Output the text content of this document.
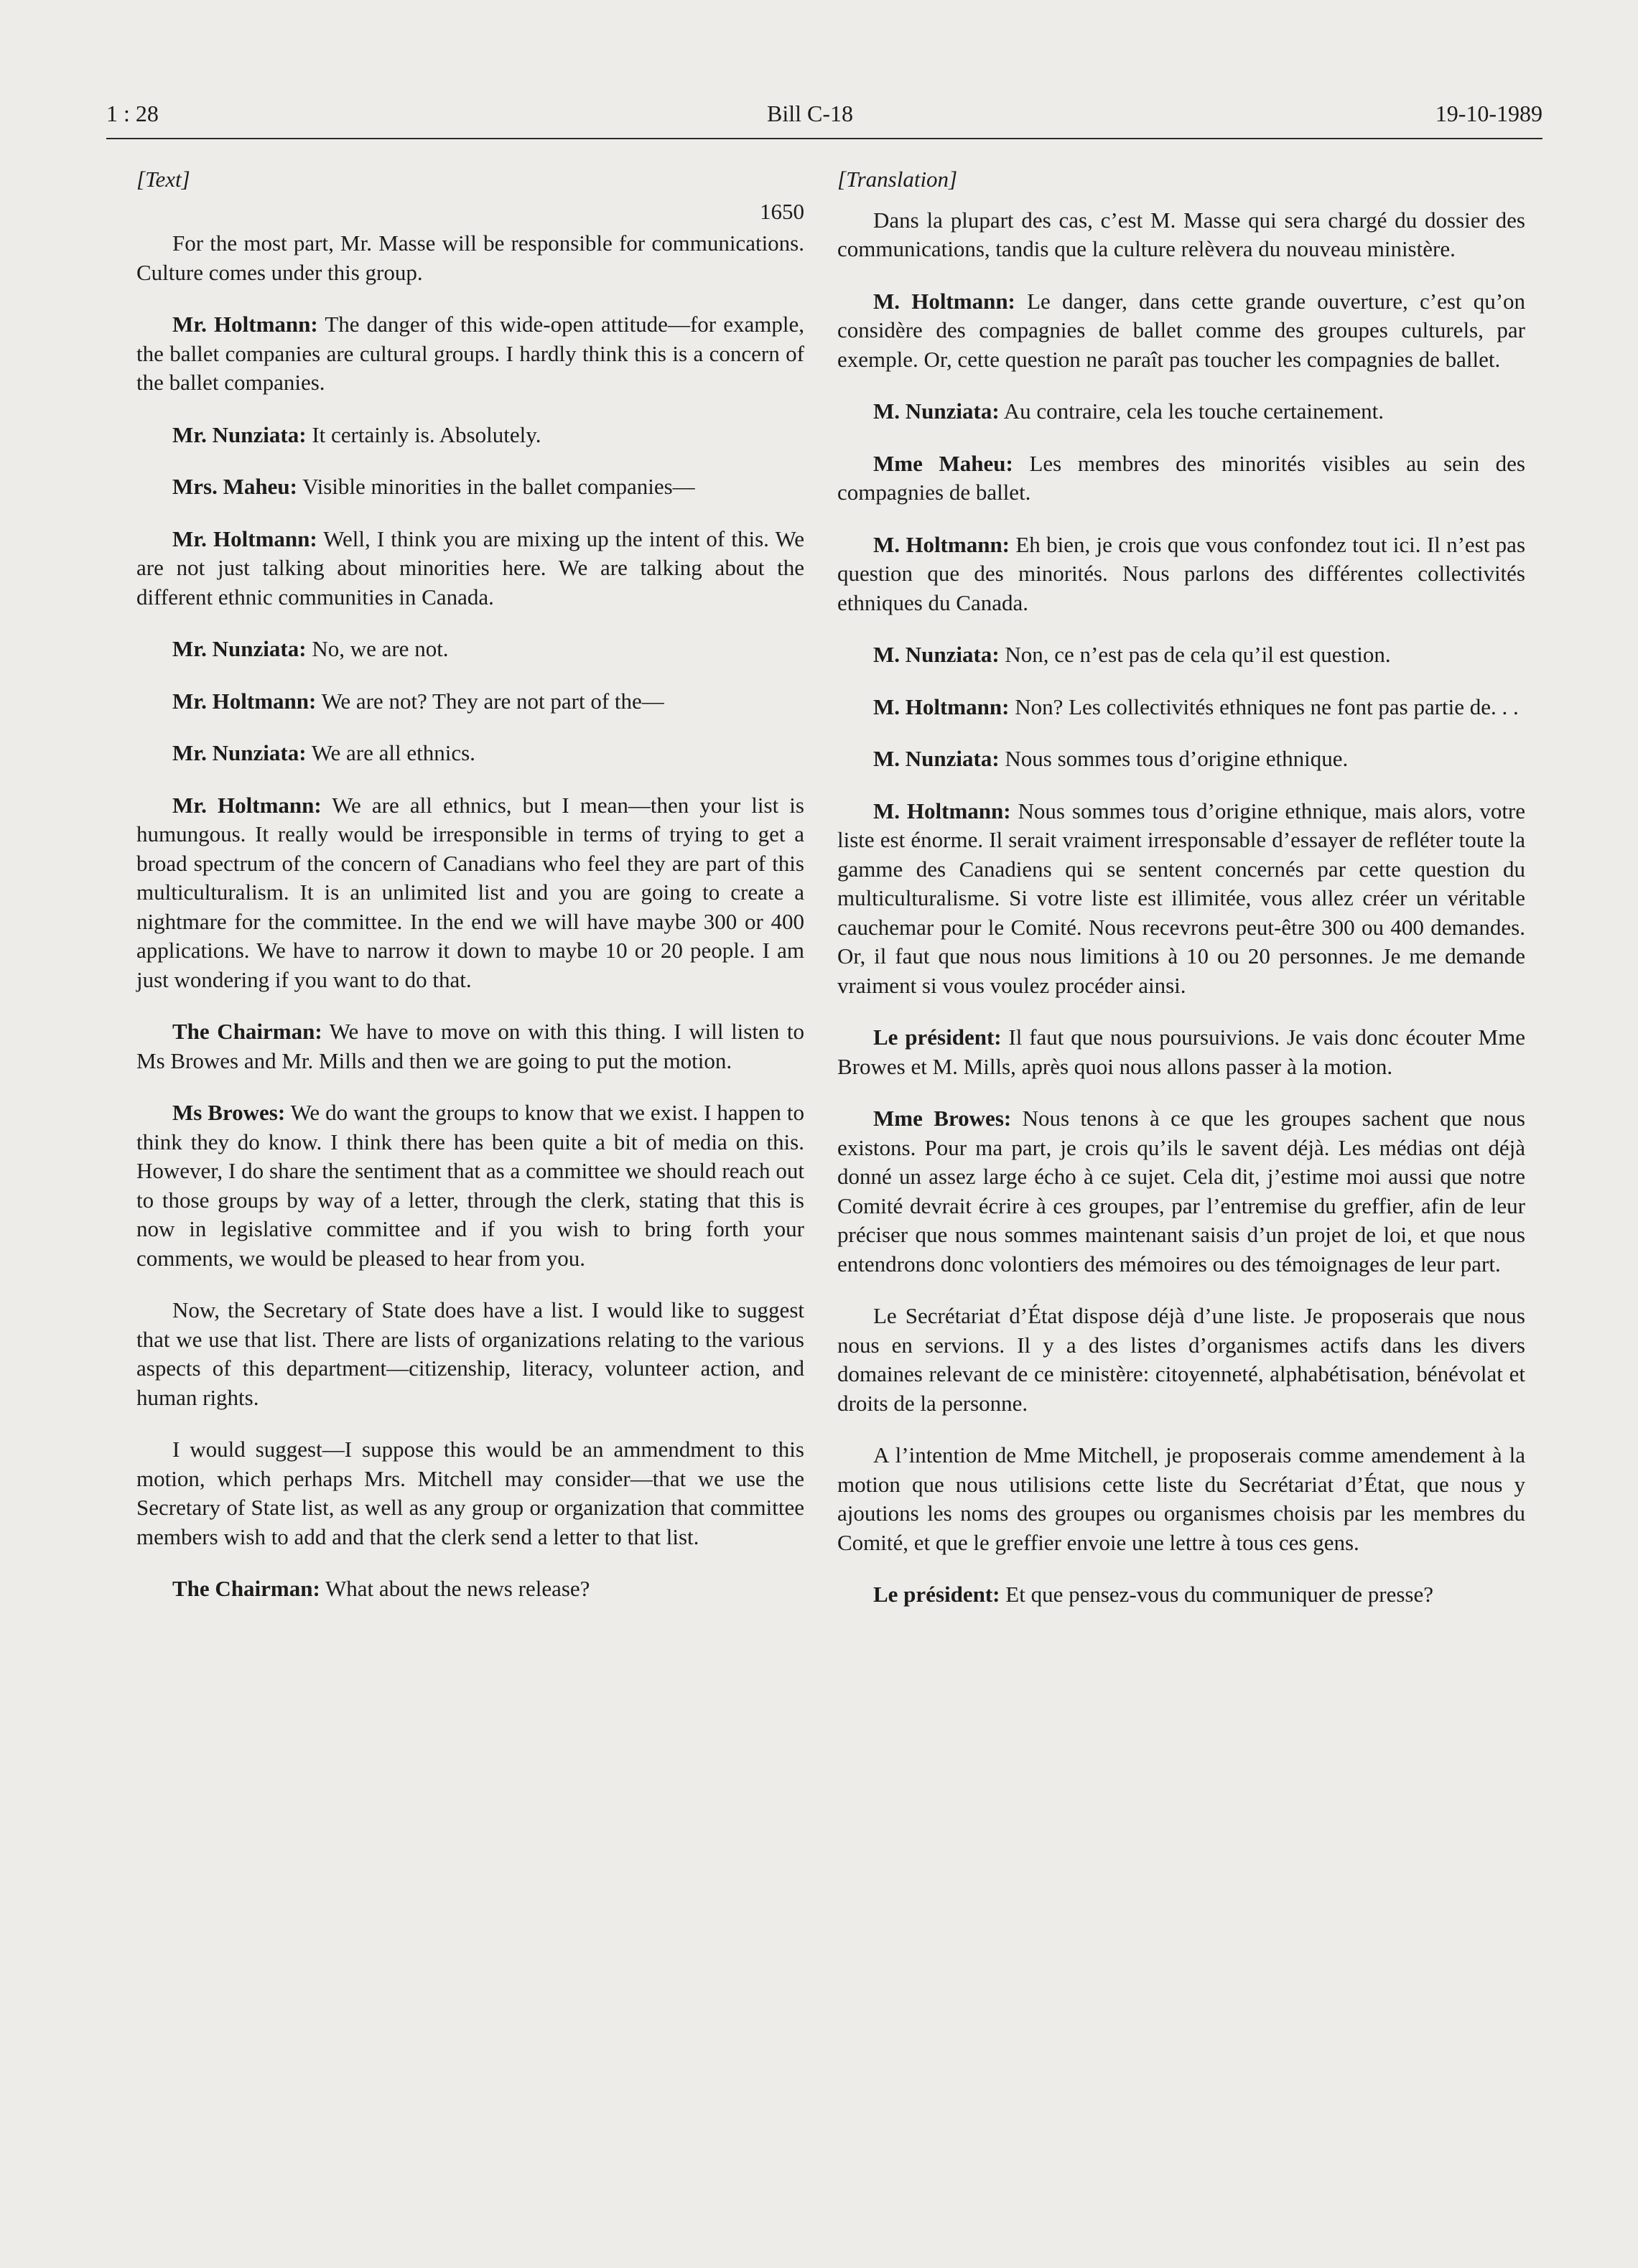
1 : 28	Bill C-18	19-10-1989
[Text]
1650
For the most part, Mr. Masse will be responsible for communications. Culture comes under this group.
Mr. Holtmann: The danger of this wide-open attitude—for example, the ballet companies are cultural groups. I hardly think this is a concern of the ballet companies.
Mr. Nunziata: It certainly is. Absolutely.
Mrs. Maheu: Visible minorities in the ballet companies—
Mr. Holtmann: Well, I think you are mixing up the intent of this. We are not just talking about minorities here. We are talking about the different ethnic communities in Canada.
Mr. Nunziata: No, we are not.
Mr. Holtmann: We are not? They are not part of the—
Mr. Nunziata: We are all ethnics.
Mr. Holtmann: We are all ethnics, but I mean—then your list is humungous. It really would be irresponsible in terms of trying to get a broad spectrum of the concern of Canadians who feel they are part of this multiculturalism. It is an unlimited list and you are going to create a nightmare for the committee. In the end we will have maybe 300 or 400 applications. We have to narrow it down to maybe 10 or 20 people. I am just wondering if you want to do that.
The Chairman: We have to move on with this thing. I will listen to Ms Browes and Mr. Mills and then we are going to put the motion.
Ms Browes: We do want the groups to know that we exist. I happen to think they do know. I think there has been quite a bit of media on this. However, I do share the sentiment that as a committee we should reach out to those groups by way of a letter, through the clerk, stating that this is now in legislative committee and if you wish to bring forth your comments, we would be pleased to hear from you.
Now, the Secretary of State does have a list. I would like to suggest that we use that list. There are lists of organizations relating to the various aspects of this department—citizenship, literacy, volunteer action, and human rights.
I would suggest—I suppose this would be an ammendment to this motion, which perhaps Mrs. Mitchell may consider—that we use the Secretary of State list, as well as any group or organization that committee members wish to add and that the clerk send a letter to that list.
The Chairman: What about the news release?
[Translation]
Dans la plupart des cas, c’est M. Masse qui sera chargé du dossier des communications, tandis que la culture relèvera du nouveau ministère.
M. Holtmann: Le danger, dans cette grande ouverture, c’est qu’on considère des compagnies de ballet comme des groupes culturels, par exemple. Or, cette question ne paraît pas toucher les compagnies de ballet.
M. Nunziata: Au contraire, cela les touche certainement.
Mme Maheu: Les membres des minorités visibles au sein des compagnies de ballet.
M. Holtmann: Eh bien, je crois que vous confondez tout ici. Il n’est pas question que des minorités. Nous parlons des différentes collectivités ethniques du Canada.
M. Nunziata: Non, ce n’est pas de cela qu’il est question.
M. Holtmann: Non? Les collectivités ethniques ne font pas partie de. . .
M. Nunziata: Nous sommes tous d’origine ethnique.
M. Holtmann: Nous sommes tous d’origine ethnique, mais alors, votre liste est énorme. Il serait vraiment irresponsable d’essayer de refléter toute la gamme des Canadiens qui se sentent concernés par cette question du multiculturalisme. Si votre liste est illimitée, vous allez créer un véritable cauchemar pour le Comité. Nous recevrons peut-être 300 ou 400 demandes. Or, il faut que nous nous limitions à 10 ou 20 personnes. Je me demande vraiment si vous voulez procéder ainsi.
Le président: Il faut que nous poursuivions. Je vais donc écouter Mme Browes et M. Mills, après quoi nous allons passer à la motion.
Mme Browes: Nous tenons à ce que les groupes sachent que nous existons. Pour ma part, je crois qu’ils le savent déjà. Les médias ont déjà donné un assez large écho à ce sujet. Cela dit, j’estime moi aussi que notre Comité devrait écrire à ces groupes, par l’entremise du greffier, afin de leur préciser que nous sommes maintenant saisis d’un projet de loi, et que nous entendrons donc volontiers des mémoires ou des témoignages de leur part.
Le Secrétariat d’État dispose déjà d’une liste. Je proposerais que nous nous en servions. Il y a des listes d’organismes actifs dans les divers domaines relevant de ce ministère: citoyenneté, alphabétisation, bénévolat et droits de la personne.
A l’intention de Mme Mitchell, je proposerais comme amendement à la motion que nous utilisions cette liste du Secrétariat d’État, que nous y ajoutions les noms des groupes ou organismes choisis par les membres du Comité, et que le greffier envoie une lettre à tous ces gens.
Le président: Et que pensez-vous du communiquer de presse?
